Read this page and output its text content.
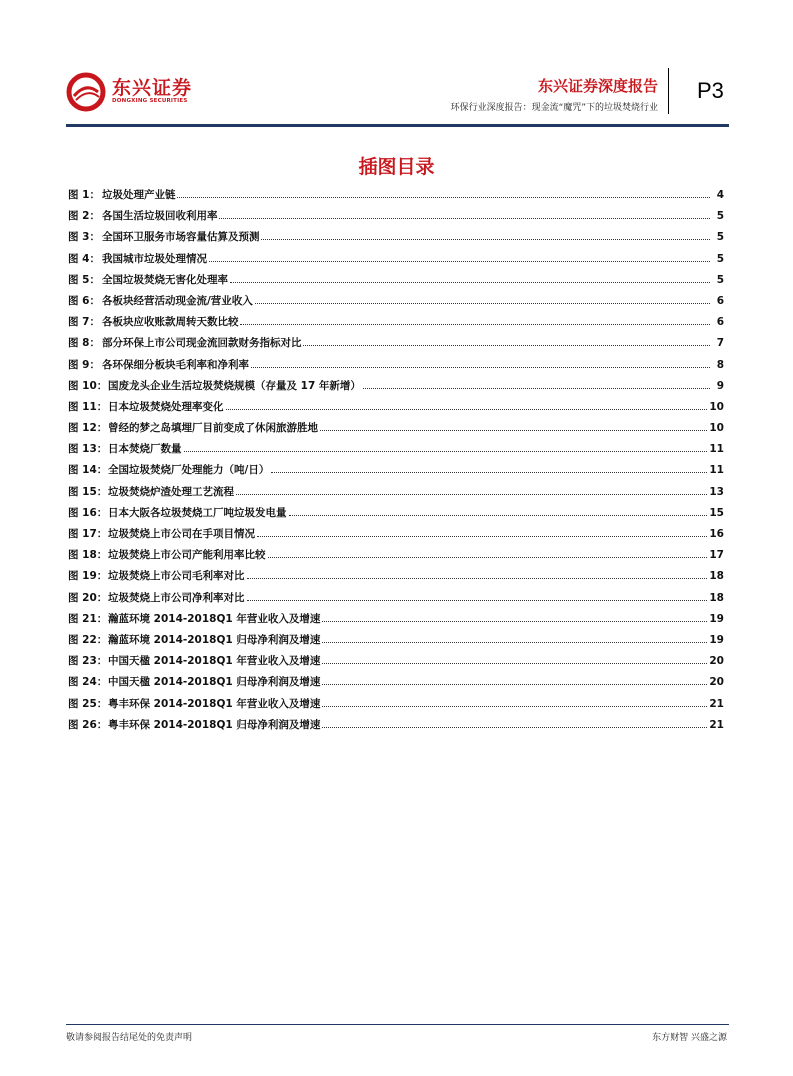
东兴证券
DONGXING SECURITIES
东兴证券深度报告
环保行业深度报告：现金流“魔咒”下的垃圾焚烧行业
P3
插图目录
图 1： 垃圾处理产业链	4
图 2： 各国生活垃圾回收利用率	5
图 3： 全国环卫服务市场容量估算及预测	5
图 4： 我国城市垃圾处理情况	5
图 5： 全国垃圾焚烧无害化处理率	5
图 6： 各板块经营活动现金流/营业收入	6
图 7： 各板块应收账款周转天数比较	6
图 8： 部分环保上市公司现金流回款财务指标对比	7
图 9： 各环保细分板块毛利率和净利率	8
图 10： 国废龙头企业生活垃圾焚烧规模（存量及 17 年新增）	9
图 11： 日本垃圾焚烧处理率变化	10
图 12： 曾经的梦之岛填埋厂目前变成了休闲旅游胜地	10
图 13： 日本焚烧厂数量	11
图 14： 全国垃圾焚烧厂处理能力（吨/日）	11
图 15： 垃圾焚烧炉渣处理工艺流程	13
图 16： 日本大阪各垃圾焚烧工厂吨垃圾发电量	15
图 17： 垃圾焚烧上市公司在手项目情况	16
图 18： 垃圾焚烧上市公司产能利用率比较	17
图 19： 垃圾焚烧上市公司毛利率对比	18
图 20： 垃圾焚烧上市公司净利率对比	18
图 21： 瀚蓝环境 2014-2018Q1 年营业收入及增速	19
图 22： 瀚蓝环境 2014-2018Q1 归母净利润及增速	19
图 23： 中国天楹 2014-2018Q1 年营业收入及增速	20
图 24： 中国天楹 2014-2018Q1 归母净利润及增速	20
图 25： 粤丰环保 2014-2018Q1 年营业收入及增速	21
图 26： 粤丰环保 2014-2018Q1 归母净利润及增速	21
敬请参阅报告结尾处的免责声明	东方财智 兴盛之源
